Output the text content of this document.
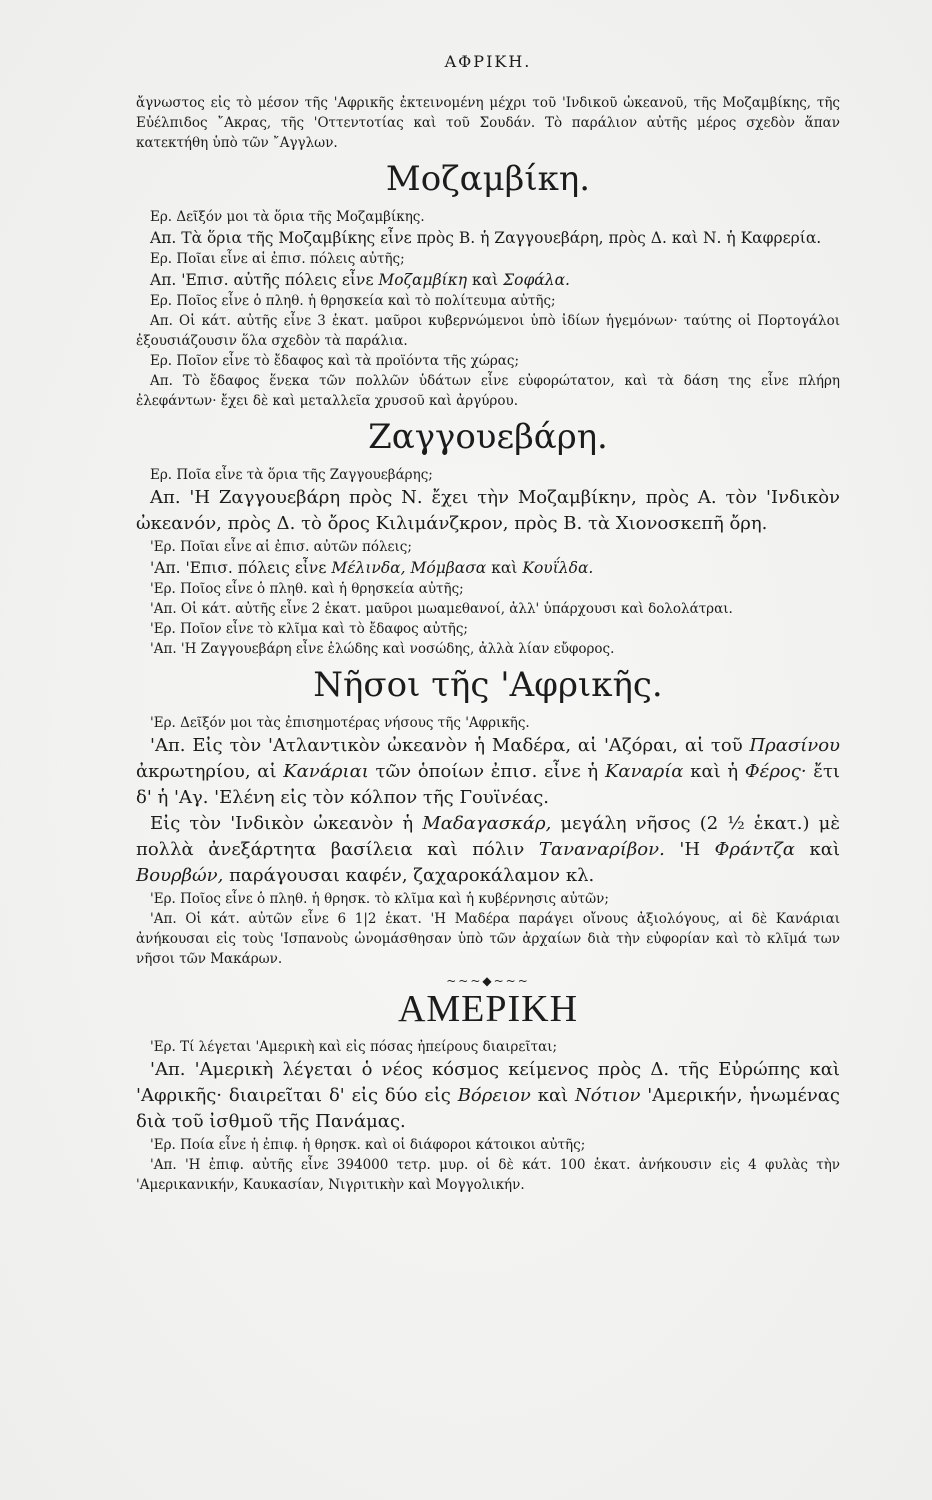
ΑΦΡΙΚΗ.

ἄγνωστος εἰς τὸ μέσον τῆς 'Αφρικῆς ἐκτεινομένη μέχρι τοῦ 'Ινδικοῦ ὠκεανοῦ, τῆς Μοζαμβίκης, τῆς Εὐέλπιδος ῎Ακρας, τῆς 'Οττεντοτίας καὶ τοῦ Σουδάν. Τὸ παράλιον αὐτῆς μέρος σχεδὸν ἅπαν κατεκτήθη ὑπὸ τῶν ῎Αγγλων.

Μοζαμβίκη.

Ερ. Δεῖξόν μοι τὰ ὅρια τῆς Μοζαμβίκης.

Απ. Τὰ ὅρια τῆς Μοζαμβίκης εἶνε πρὸς Β. ἡ Ζαγγουεβάρη, πρὸς Δ. καὶ Ν. ἡ Καφρερία.

Ερ. Ποῖαι εἶνε αἱ ἐπισ. πόλεις αὐτῆς;

Απ. 'Επισ. αὐτῆς πόλεις εἶνε Μοζαμβίκη καὶ Σοφάλα.

Ερ. Ποῖος εἶνε ὁ πληθ. ἡ θρησκεία καὶ τὸ πολίτευμα αὐτῆς;

Απ. Οἱ κάτ. αὐτῆς εἶνε 3 ἑκατ. μαῦροι κυβερνώμενοι ὑπὸ ἰδίων ἡγεμόνων· ταύτης οἱ Πορτογάλοι ἐξουσιάζουσιν ὅλα σχεδὸν τὰ παράλια.

Ερ. Ποῖον εἶνε τὸ ἔδαφος καὶ τὰ προϊόντα τῆς χώρας;

Απ. Τὸ ἔδαφος ἕνεκα τῶν πολλῶν ὑδάτων εἶνε εὐφορώτατον, καὶ τὰ δάση της εἶνε πλήρη ἐλεφάντων· ἔχει δὲ καὶ μεταλλεῖα χρυσοῦ καὶ ἀργύρου.

Ζαγγουεβάρη.

Ερ. Ποῖα εἶνε τὰ ὅρια τῆς Ζαγγουεβάρης;

Απ. 'Η Ζαγγουεβάρη πρὸς Ν. ἔχει τὴν Μοζαμβίκην, πρὸς Α. τὸν 'Ινδικὸν ὠκεανόν, πρὸς Δ. τὸ ὄρος Κιλιμάνζκρον, πρὸς Β. τὰ Χιονοσκεπῆ ὄρη.

'Ερ. Ποῖαι εἶνε αἱ ἐπισ. αὐτῶν πόλεις;

'Απ. 'Επισ. πόλεις εἶνε Μέλινδα, Μόμβασα καὶ Κουΐλδα.

'Ερ. Ποῖος εἶνε ὁ πληθ. καὶ ἡ θρησκεία αὐτῆς;

'Απ. Οἱ κάτ. αὐτῆς εἶνε 2 ἑκατ. μαῦροι μωαμεθανοί, ἀλλ' ὑπάρχουσι καὶ δολολάτραι.

'Ερ. Ποῖον εἶνε τὸ κλῖμα καὶ τὸ ἔδαφος αὐτῆς;

'Απ. 'Η Ζαγγουεβάρη εἶνε ἑλώδης καὶ νοσώδης, ἀλλὰ λίαν εὔφορος.

Νῆσοι τῆς 'Αφρικῆς.

'Ερ. Δεῖξόν μοι τὰς ἐπισημοτέρας νήσους τῆς 'Αφρικῆς.

'Απ. Εἰς τὸν 'Ατλαντικὸν ὠκεανὸν ἡ Μαδέρα, αἱ 'Αζόραι, αἱ τοῦ Πρασίνου ἀκρωτηρίου, αἱ Κανάριαι τῶν ὁποίων ἐπισ. εἶνε ἡ Καναρία καὶ ἡ Φέρος· ἔτι δ' ἡ 'Αγ. 'Ελένη εἰς τὸν κόλπον τῆς Γουϊνέας.

Εἰς τὸν 'Ινδικὸν ὠκεανὸν ἡ Μαδαγασκάρ, μεγάλη νῆσος (2 ½ ἑκατ.) μὲ πολλὰ ἀνεξάρτητα βασίλεια καὶ πόλιν Ταναναρίβον. 'Η Φράντζα καὶ Βουρβών, παράγουσαι καφέν, ζαχαροκάλαμον κλ.

'Ερ. Ποῖος εἶνε ὁ πληθ. ἡ θρησκ. τὸ κλῖμα καὶ ἡ κυβέρνησις αὐτῶν;

'Απ. Οἱ κάτ. αὐτῶν εἶνε 6 1|2 ἑκατ. 'Η Μαδέρα παράγει οἴνους ἀξιολόγους, αἱ δὲ Κανάριαι ἀνήκουσαι εἰς τοὺς 'Ισπανοὺς ὠνομάσθησαν ὑπὸ τῶν ἀρχαίων διὰ τὴν εὐφορίαν καὶ τὸ κλῖμά των νῆσοι τῶν Μακάρων.

~~~◆~~~
ΑΜΕΡΙΚΗ

'Ερ. Τί λέγεται 'Αμερικὴ καὶ εἰς πόσας ἠπείρους διαιρεῖται;

'Απ. 'Αμερικὴ λέγεται ὁ νέος κόσμος κείμενος πρὸς Δ. τῆς Εὐρώπης καὶ 'Αφρικῆς· διαιρεῖται δ' εἰς δύο εἰς Βόρειον καὶ Νότιον 'Αμερικήν, ἡνωμένας διὰ τοῦ ἰσθμοῦ τῆς Πανάμας.

'Ερ. Ποία εἶνε ἡ ἐπιφ. ἡ θρησκ. καὶ οἱ διάφοροι κάτοικοι αὐτῆς;

'Απ. 'Η ἐπιφ. αὐτῆς εἶνε 394000 τετρ. μυρ. οἱ δὲ κάτ. 100 ἑκατ. ἀνήκουσιν εἰς 4 φυλὰς τὴν 'Αμερικανικήν, Καυκασίαν, Νιγριτικὴν καὶ Μογγολικήν.
